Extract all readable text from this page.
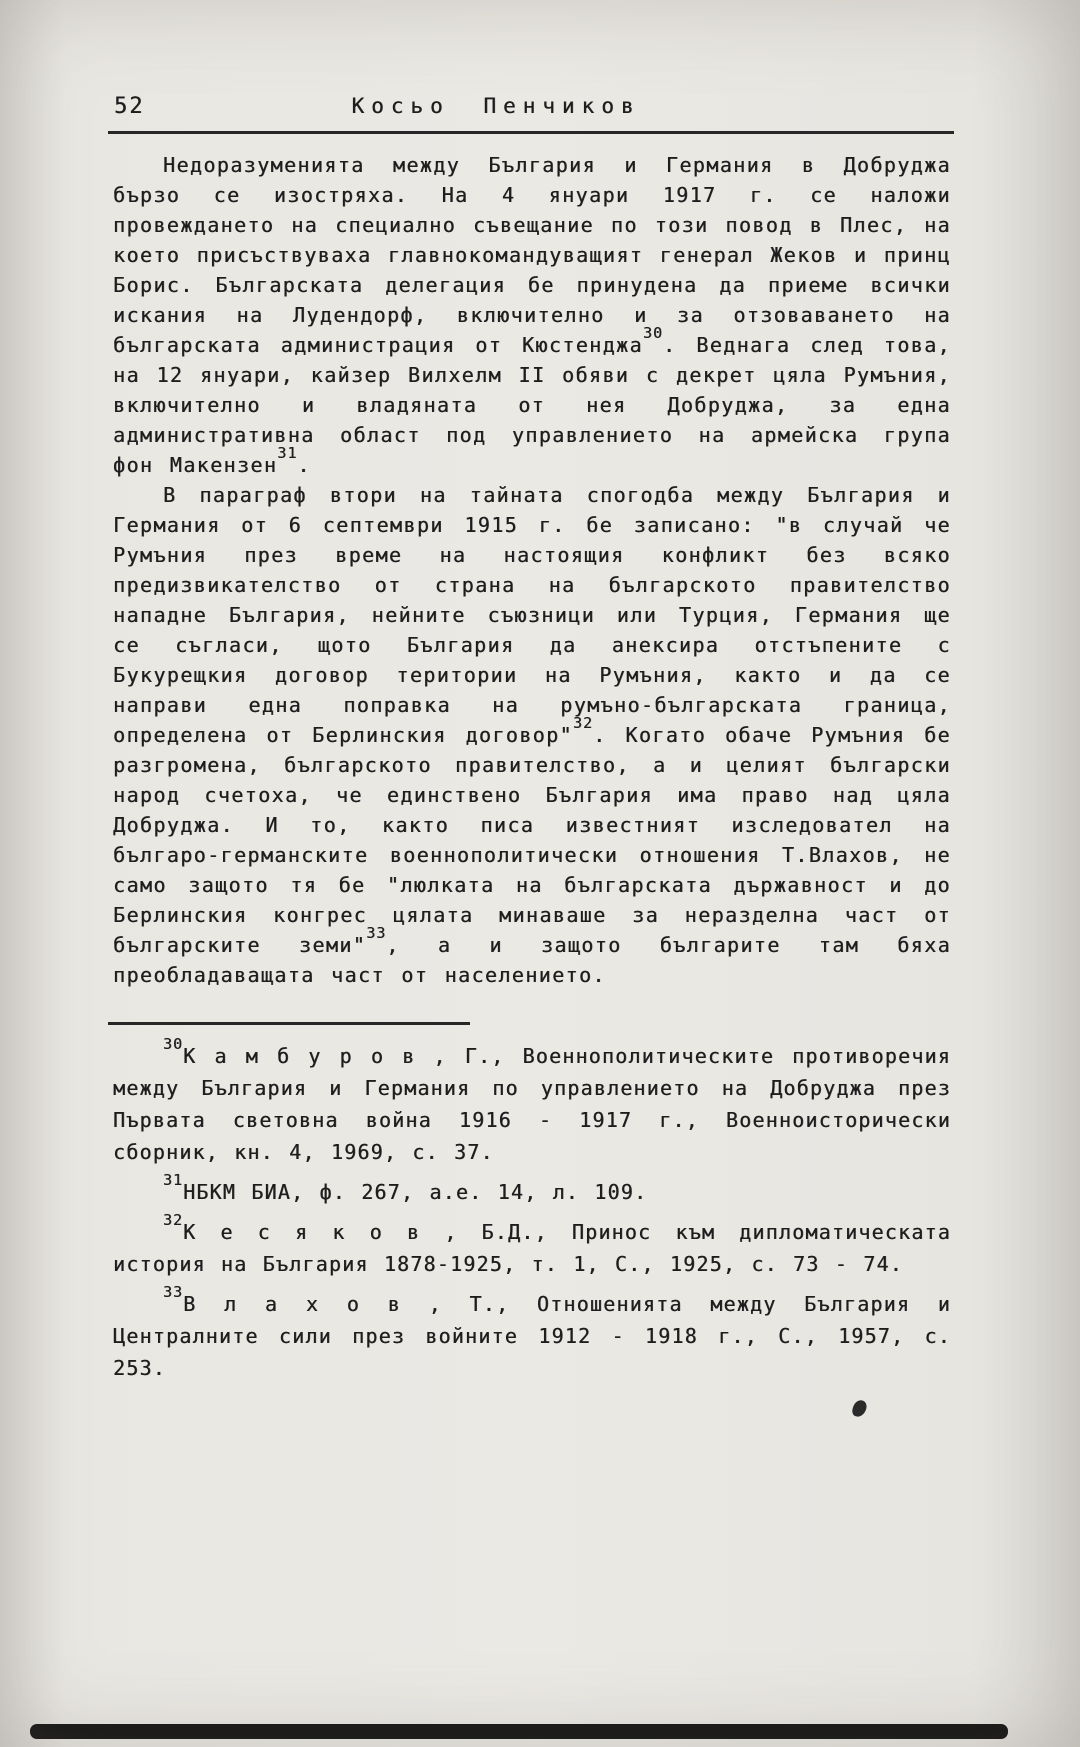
52	Косьо Пенчиков

Недоразуменията между България и Германия в Добруджа бързо се изостряха. На 4 януари 1917 г. се наложи провеждането на специално съвещание по този повод в Плес, на което присъствуваха главнокомандуващият генерал Жеков и принц Борис. Българската делегация бе принудена да приеме всички искания на Лудендорф, включително и за отзоваването на българската администрация от Кюстенджа$^{30}$. Веднага след това, на 12 януари, кайзер Вилхелм II обяви с декрет цяла Румъния, включително и владяната от нея Добруджа, за една административна област под управлението на армейска група фон Макензен$^{31}$.

В параграф втори на тайната спогодба между България и Германия от 6 септември 1915 г. бе записано: "в случай че Румъния през време на настоящия конфликт без всяко предизвикателство от страна на българското правителство нападне България, нейните съюзници или Турция, Германия ще се съгласи, щото България да анексира отстъпените с Букурещкия договор територии на Румъния, както и да се направи една поправка на румъно-българската граница, определена от Берлинския договор"$^{32}$. Когато обаче Румъния бе разгромена, българското правителство, а и целият български народ счетоха, че единствено България има право над цяла Добруджа. И то, както писа известният изследовател на българо-германските военнополитически отношения Т.Влахов, не само защото тя бе "люлката на българската държавност и до Берлинския конгрес цялата минаваше за неразделна част от българските земи"$^{33}$, а и защото българите там бяха преобладаващата част от населението.

$^{30}$К а м б у р о в , Г., Военнополитическите противоречия между България и Германия по управлението на Добруджа през Първата световна война 1916 - 1917 г., Военноисторически сборник, кн. 4, 1969, с. 37.

$^{31}$НБКМ БИА, ф. 267, а.е. 14, л. 109.

$^{32}$К е с я к о в , Б.Д., Принос към дипломатическата история на България 1878-1925, т. 1, С., 1925, с. 73 - 74.

$^{33}$В л а х о в , Т., Отношенията между България и Централните сили през войните 1912 - 1918 г., С., 1957, с. 253.
